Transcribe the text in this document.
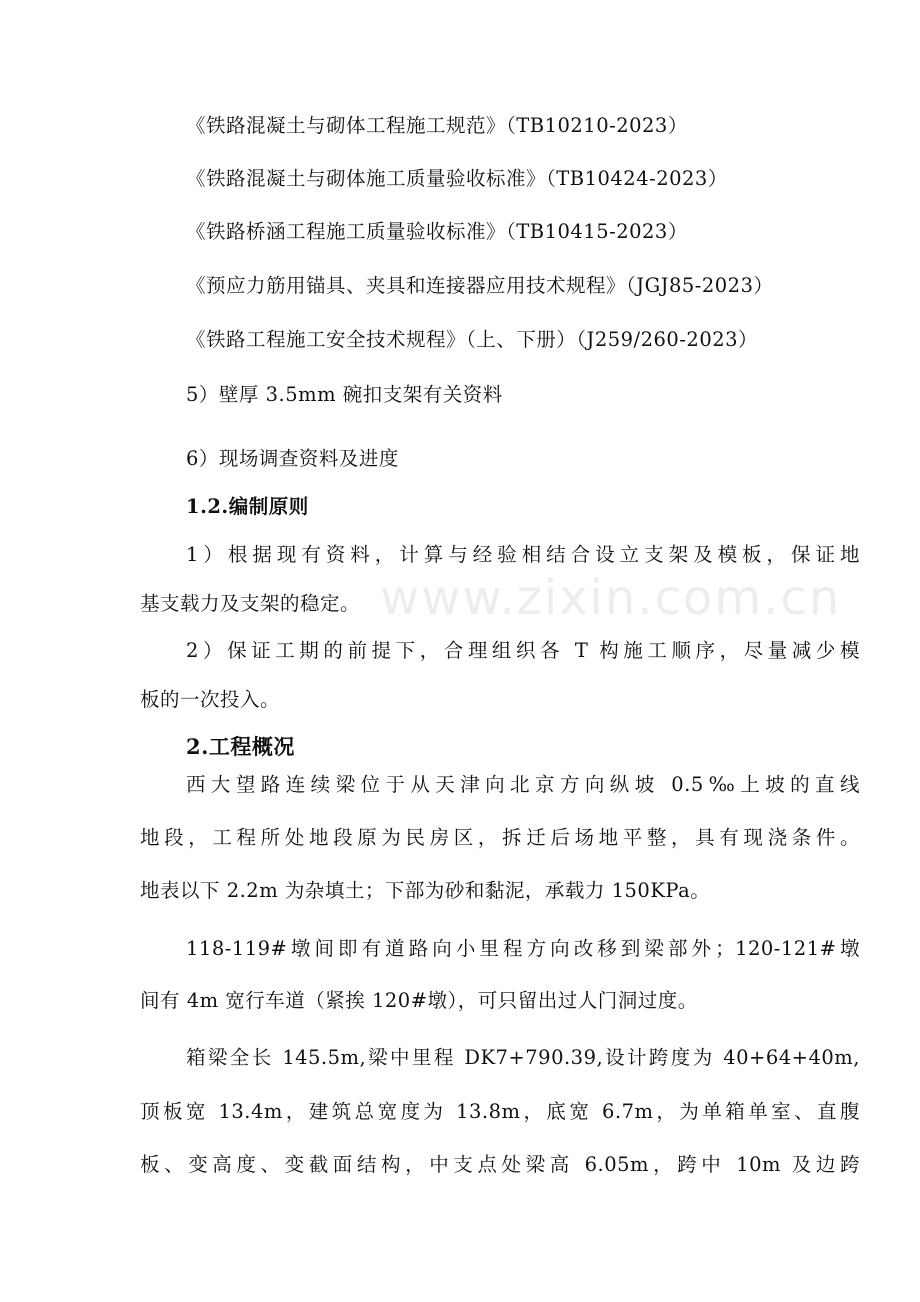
www.zixin.com.cn
《铁路混凝土与砌体工程施工规范》（TB10210-2023）
《铁路混凝土与砌体施工质量验收标准》（TB10424-2023）
《铁路桥涵工程施工质量验收标准》（TB10415-2023）
《预应力筋用锚具、夹具和连接器应用技术规程》（JGJ85-2023）
《铁路工程施工安全技术规程》（上、下册）（J259/260-2023）
5）壁厚 3.5mm 碗扣支架有关资料
6）现场调查资料及进度
1.2.编制原则
1）根据现有资料，计算与经验相结合设立支架及模板，保证地
基支载力及支架的稳定。
2）保证工期的前提下，合理组织各 T 构施工顺序，尽量减少模
板的一次投入。
2.工程概况
西大望路连续梁位于从天津向北京方向纵坡 0.5‰上坡的直线
地段，工程所处地段原为民房区，拆迁后场地平整，具有现浇条件。
地表以下 2.2m 为杂填土；下部为砂和黏泥，承载力 150KPa。
118-119#墩间即有道路向小里程方向改移到梁部外；120-121#墩
间有 4m 宽行车道（紧挨 120#墩），可只留出过人门洞过度。
箱梁全长 145.5m,梁中里程 DK7+790.39,设计跨度为 40+64+40m,
顶板宽 13.4m，建筑总宽度为 13.8m，底宽 6.7m，为单箱单室、直腹
板、变高度、变截面结构，中支点处梁高 6.05m，跨中 10m 及边跨
